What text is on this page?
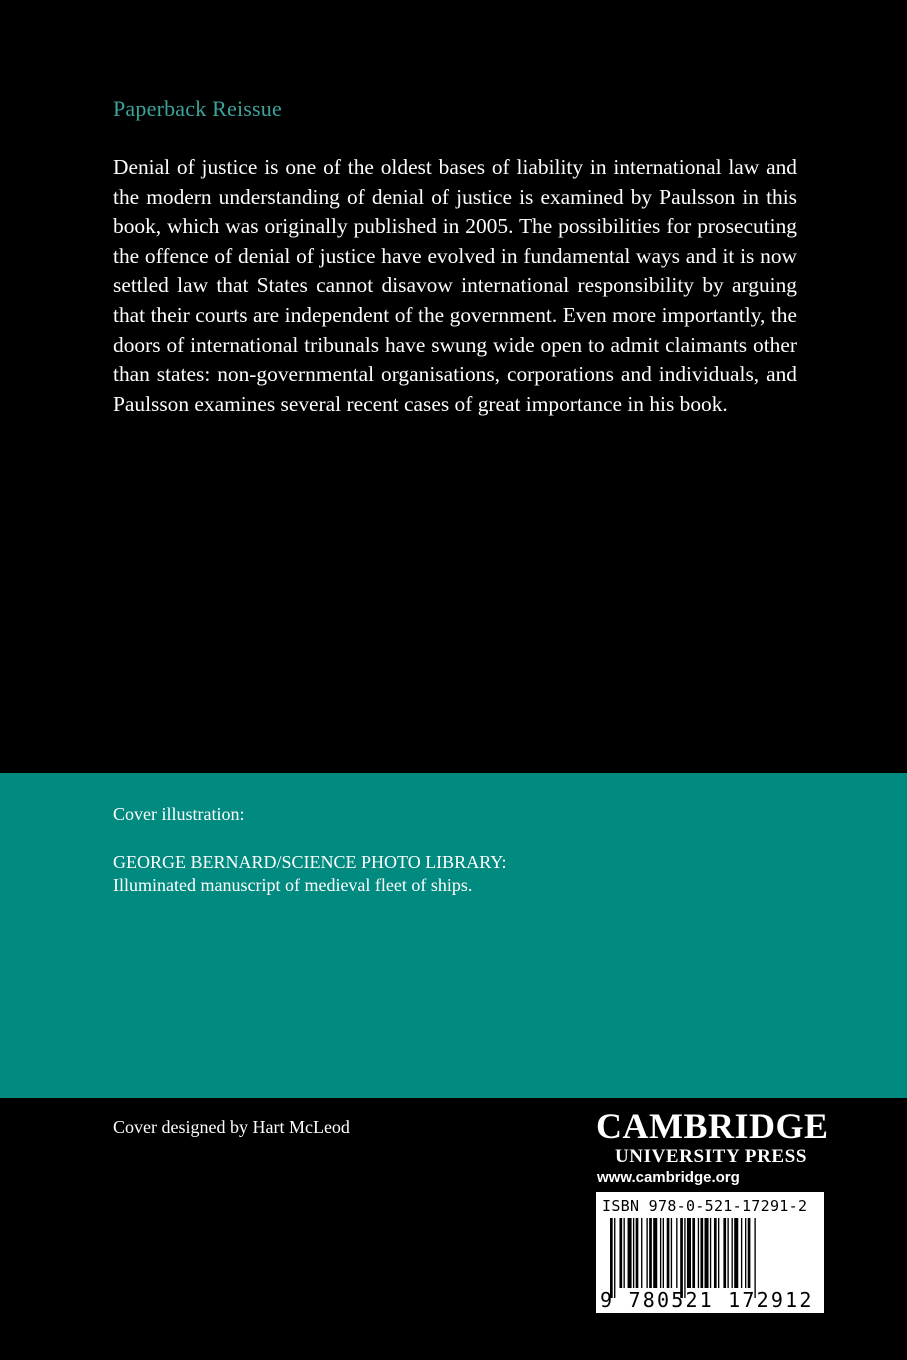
Paperback Reissue

Denial of justice is one of the oldest bases of liability in international law and the modern understanding of denial of justice is examined by Paulsson in this book, which was originally published in 2005. The possibilities for prosecuting the offence of denial of justice have evolved in fundamental ways and it is now settled law that States cannot disavow international responsibility by arguing that their courts are independent of the government. Even more importantly, the doors of international tribunals have swung wide open to admit claimants other than states: non-governmental organisations, corporations and individuals, and Paulsson examines several recent cases of great importance in his book.

Cover illustration:
GEORGE BERNARD/SCIENCE PHOTO LIBRARY:
Illuminated manuscript of medieval fleet of ships.
Cover designed by Hart McLeod	CAMBRIDGE
UNIVERSITY PRESS
www.cambridge.org
ISBN 978-0-521-17291-2
9 780521 172912
